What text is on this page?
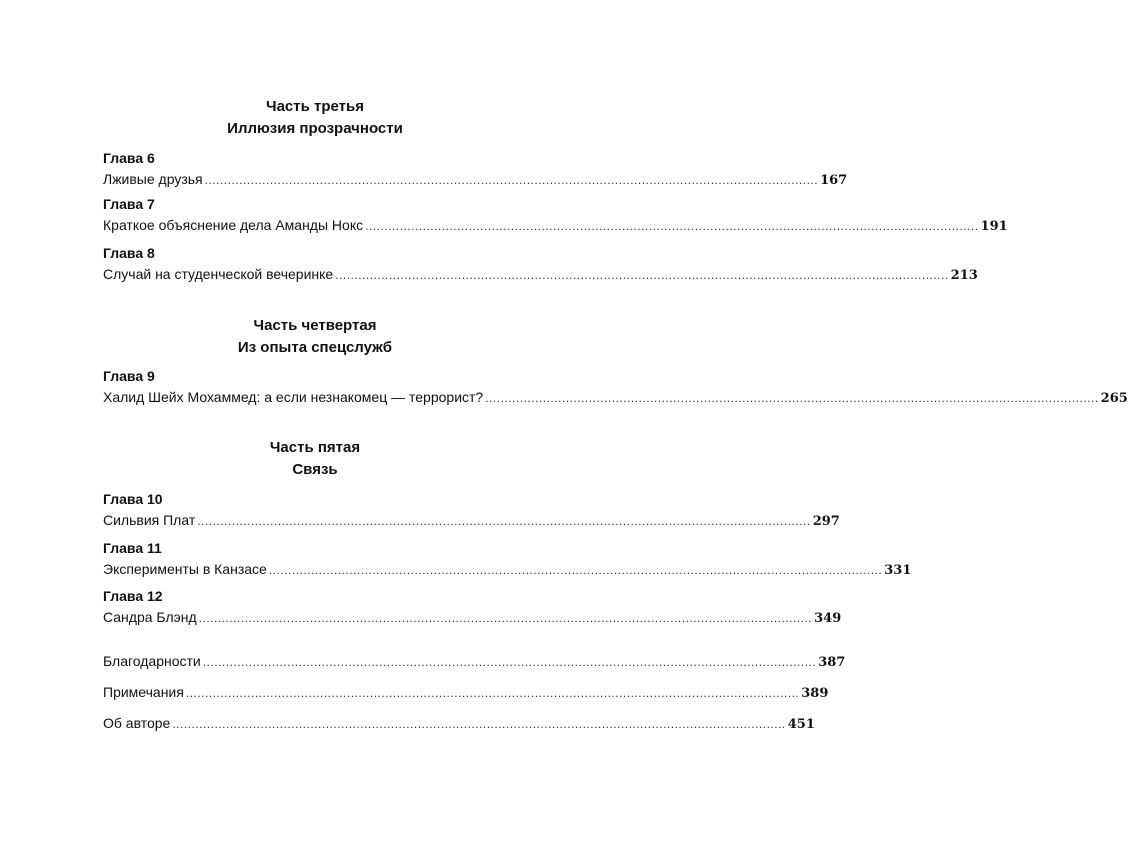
Часть третья
Иллюзия прозрачности
Глава 6
Лживые друзья ................................................................................................................................................................ 167
Глава 7
Краткое объяснение дела Аманды Нокс ................................................................................................................................................................ 191
Глава 8
Случай на студенческой вечеринке ................................................................................................................................................................ 213
Часть четвертая
Из опыта спецслужб
Глава 9
Халид Шейх Мохаммед: а если незнакомец — террорист? ................................................................................................................................................................ 265
Часть пятая
Связь
Глава 10
Сильвия Плат ................................................................................................................................................................ 297
Глава 11
Эксперименты в Канзасе ................................................................................................................................................................ 331
Глава 12
Сандра Блэнд ................................................................................................................................................................ 349
Благодарности ................................................................................................................................................................ 387
Примечания ................................................................................................................................................................ 389
Об авторе ................................................................................................................................................................ 451
